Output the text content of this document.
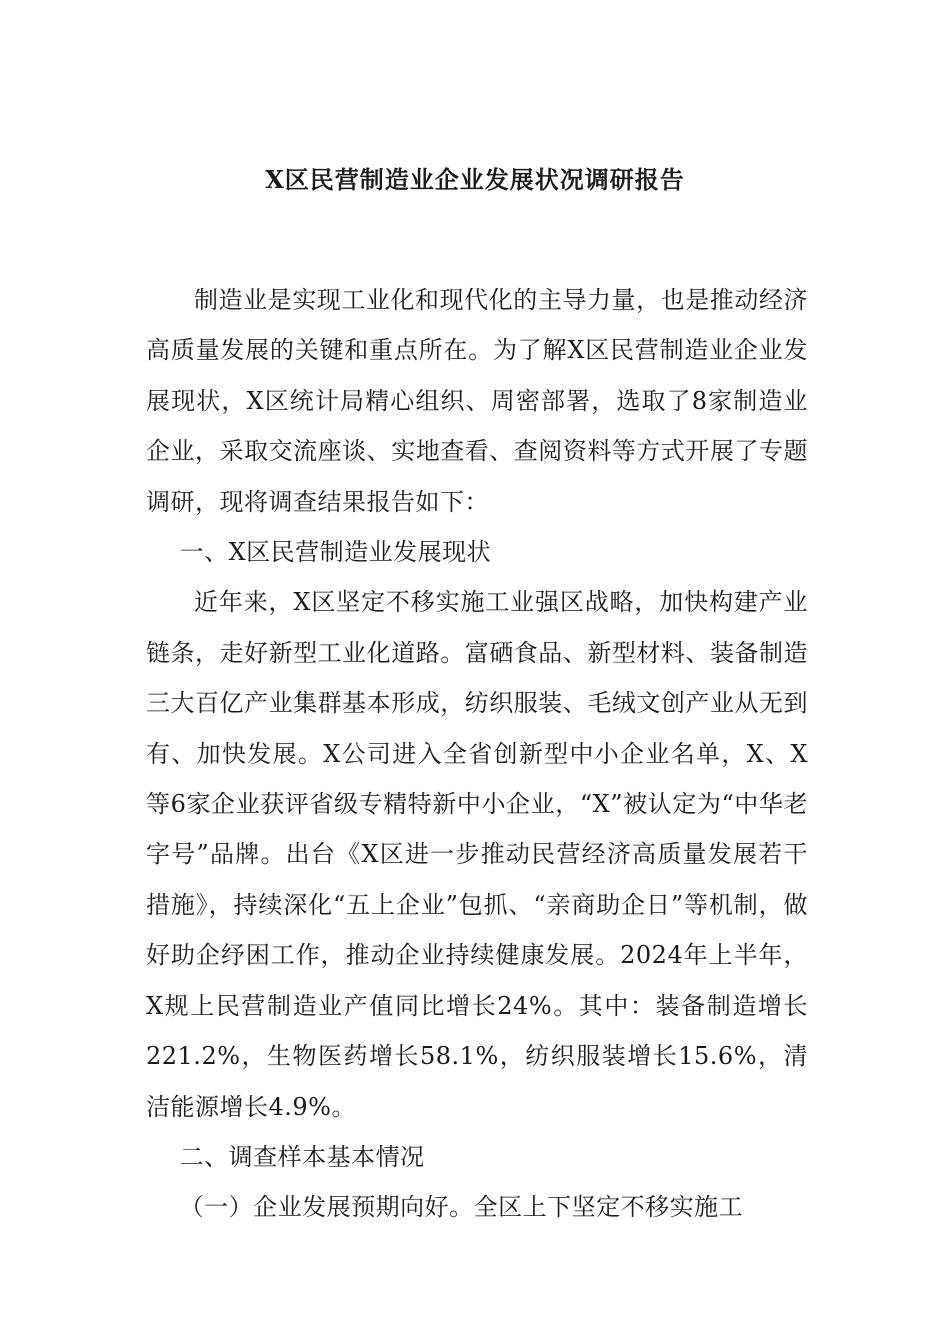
X区民营制造业企业发展状况调研报告

制造业是实现工业化和现代化的主导力量，也是推动经济高质量发展的关键和重点所在。为了解X区民营制造业企业发展现状，X区统计局精心组织、周密部署，选取了8家制造业企业，采取交流座谈、实地查看、查阅资料等方式开展了专题调研，现将调查结果报告如下：

一、X区民营制造业发展现状

近年来，X区坚定不移实施工业强区战略，加快构建产业链条，走好新型工业化道路。富硒食品、新型材料、装备制造三大百亿产业集群基本形成，纺织服装、毛绒文创产业从无到有、加快发展。X公司进入全省创新型中小企业名单，X、X等6家企业获评省级专精特新中小企业，“X”被认定为“中华老字号”品牌。出台《X区进一步推动民营经济高质量发展若干措施》，持续深化“五上企业”包抓、“亲商助企日”等机制，做好助企纾困工作，推动企业持续健康发展。2024年上半年，X规上民营制造业产值同比增长24%。其中：装备制造增长221.2%，生物医药增长58.1%，纺织服装增长15.6%，清洁能源增长4.9%。

二、调查样本基本情况

（一）企业发展预期向好。全区上下坚定不移实施工
